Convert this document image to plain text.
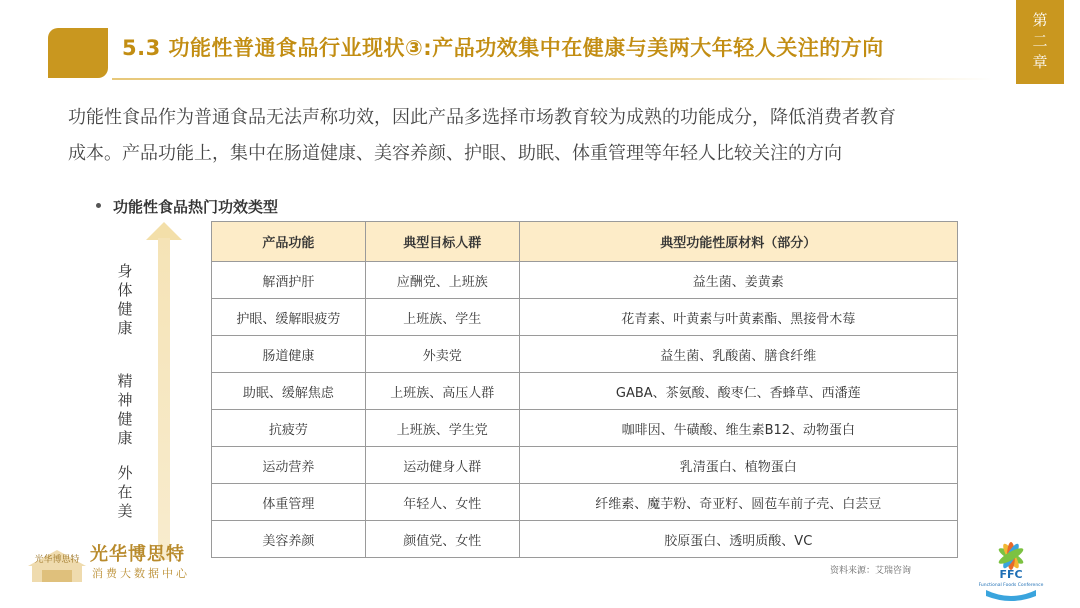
5.3 功能性普通食品行业现状③:产品功效集中在健康与美两大年轻人关注的方向
第
二
章
功能性食品作为普通食品无法声称功效，因此产品多选择市场教育较为成熟的功能成分，降低消费者教育
成本。产品功能上，集中在肠道健康、美容养颜、护眼、助眠、体重管理等年轻人比较关注的方向
功能性食品热门功效类型
身体健康
精神健康
外在美
产品功能	典型目标人群	典型功能性原材料（部分）
解酒护肝	应酬党、上班族	益生菌、姜黄素
护眼、缓解眼疲劳	上班族、学生	花青素、叶黄素与叶黄素酯、黑接骨木莓
肠道健康	外卖党	益生菌、乳酸菌、膳食纤维
助眠、缓解焦虑	上班族、高压人群	GABA、茶氨酸、酸枣仁、香蜂草、西潘莲
抗疲劳	上班族、学生党	咖啡因、牛磺酸、维生素B12、动物蛋白
运动营养	运动健身人群	乳清蛋白、植物蛋白
体重管理	年轻人、女性	纤维素、魔芋粉、奇亚籽、圆苞车前子壳、白芸豆
美容养颜	颜值党、女性	胶原蛋白、透明质酸、VC
资料来源：艾瑞咨询
光华博思特 光华博思特
消费大数据中心	FFC
Functional Foods Conference
